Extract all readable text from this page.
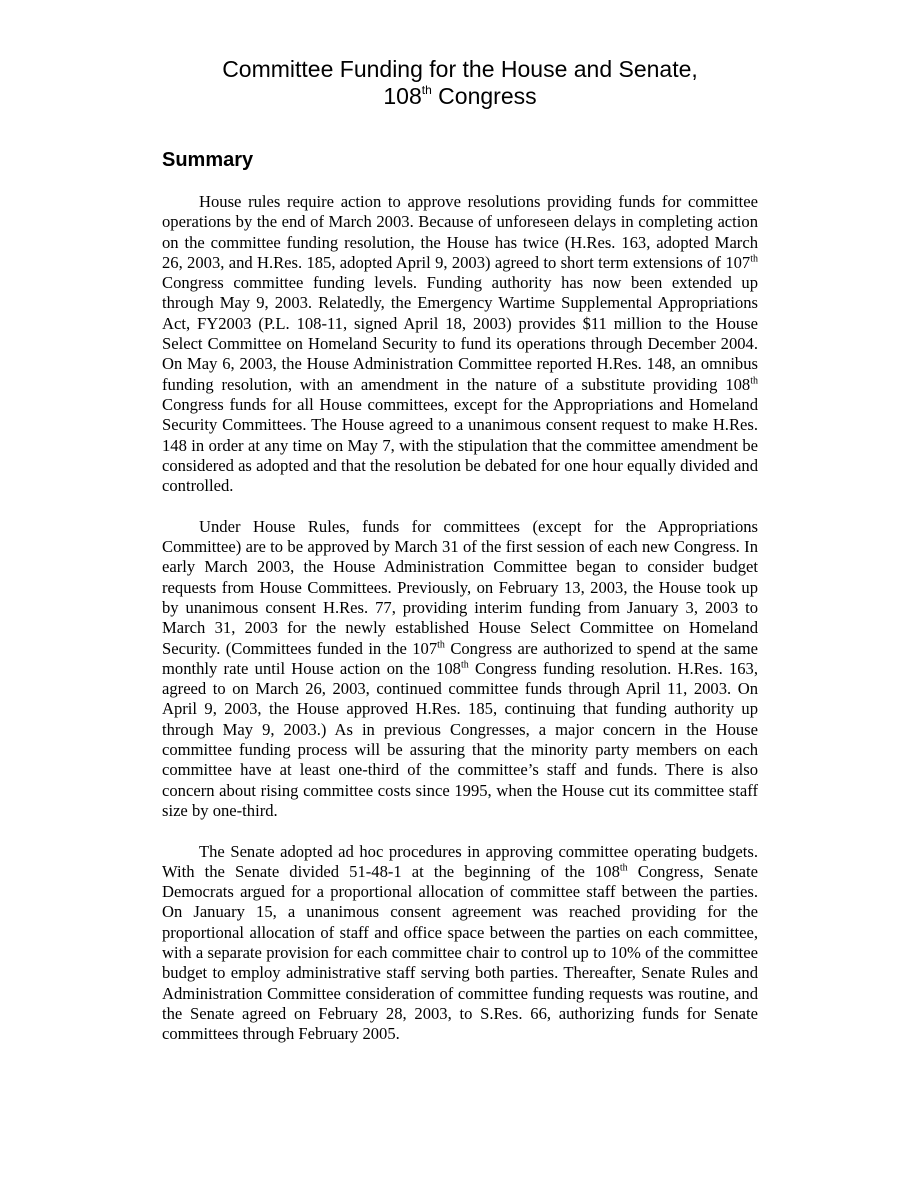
Committee Funding for the House and Senate,
108th Congress
Summary

House rules require action to approve resolutions providing funds for committee operations by the end of March 2003. Because of unforeseen delays in completing action on the committee funding resolution, the House has twice (H.Res. 163, adopted March 26, 2003, and H.Res. 185, adopted April 9, 2003) agreed to short term extensions of 107th Congress committee funding levels. Funding authority has now been extended up through May 9, 2003. Relatedly, the Emergency Wartime Supplemental Appropriations Act, FY2003 (P.L. 108-11, signed April 18, 2003) provides $11 million to the House Select Committee on Homeland Security to fund its operations through December 2004. On May 6, 2003, the House Administration Committee reported H.Res. 148, an omnibus funding resolution, with an amendment in the nature of a substitute providing 108th Congress funds for all House committees, except for the Appropriations and Homeland Security Committees. The House agreed to a unanimous consent request to make H.Res. 148 in order at any time on May 7, with the stipulation that the committee amendment be considered as adopted and that the resolution be debated for one hour equally divided and controlled.

Under House Rules, funds for committees (except for the Appropriations Committee) are to be approved by March 31 of the first session of each new Congress. In early March 2003, the House Administration Committee began to consider budget requests from House Committees. Previously, on February 13, 2003, the House took up by unanimous consent H.Res. 77, providing interim funding from January 3, 2003 to March 31, 2003 for the newly established House Select Committee on Homeland Security. (Committees funded in the 107th Congress are authorized to spend at the same monthly rate until House action on the 108th Congress funding resolution. H.Res. 163, agreed to on March 26, 2003, continued committee funds through April 11, 2003. On April 9, 2003, the House approved H.Res. 185, continuing that funding authority up through May 9, 2003.) As in previous Congresses, a major concern in the House committee funding process will be assuring that the minority party members on each committee have at least one-third of the committee’s staff and funds. There is also concern about rising committee costs since 1995, when the House cut its committee staff size by one-third.

The Senate adopted ad hoc procedures in approving committee operating budgets. With the Senate divided 51-48-1 at the beginning of the 108th Congress, Senate Democrats argued for a proportional allocation of committee staff between the parties. On January 15, a unanimous consent agreement was reached providing for the proportional allocation of staff and office space between the parties on each committee, with a separate provision for each committee chair to control up to 10% of the committee budget to employ administrative staff serving both parties. Thereafter, Senate Rules and Administration Committee consideration of committee funding requests was routine, and the Senate agreed on February 28, 2003, to S.Res. 66, authorizing funds for Senate committees through February 2005.
